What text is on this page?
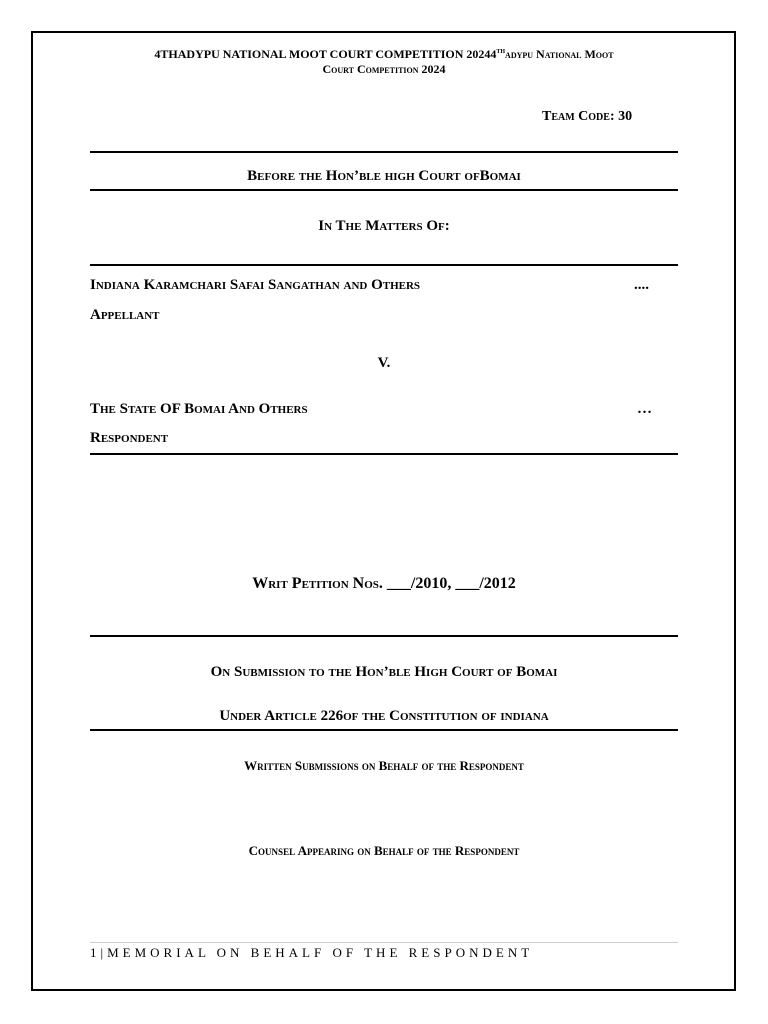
4THADYPU NATIONAL MOOT COURT COMPETITION 20244THadypu National Moot
Court Competition 2024
Team Code: 30
Before the Hon’ble high Court ofBomai
In The Matters Of:
Indiana Karamchari Safai Sangathan and Others	....
Appellant
V.
The State OF Bomai And Others	…
Respondent
Writ Petition Nos. ___/2010, ___/2012
On Submission to the Hon’ble High Court of Bomai
Under Article 226of the Constitution of indiana
Written Submissions on Behalf of the Respondent
Counsel Appearing on Behalf of the Respondent
1|MEMORIAL ON BEHALF OF THE RESPONDENT
